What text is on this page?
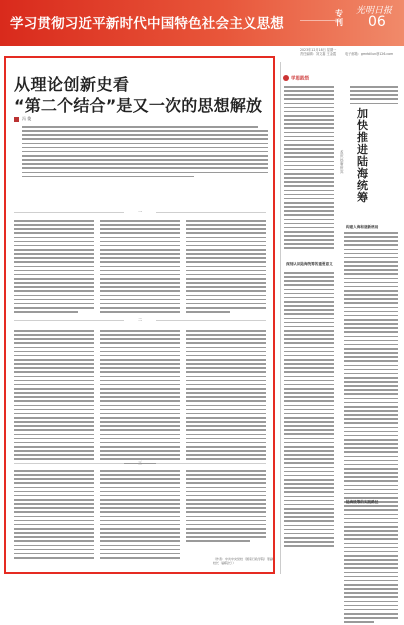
学习贯彻习近平新时代中国特色社会主义思想
专刊
光明日报
06
2023年12月18日 星期一
责任编辑：刘文嘉 王金霞	电子邮箱：gmrblilun@126.com
从理论创新史看
“第二个结合”是又一次的思想解放
冯 俊
一
二
三
（作者：中共中央党校（国家行政学院）原副校长（副院长））
学思践悟
加快推进陆海统筹
孟庆远 唐世宾
深刻认识陆海统筹的重要意义
构建人海和谐新格局
陆海统筹的实践路径
